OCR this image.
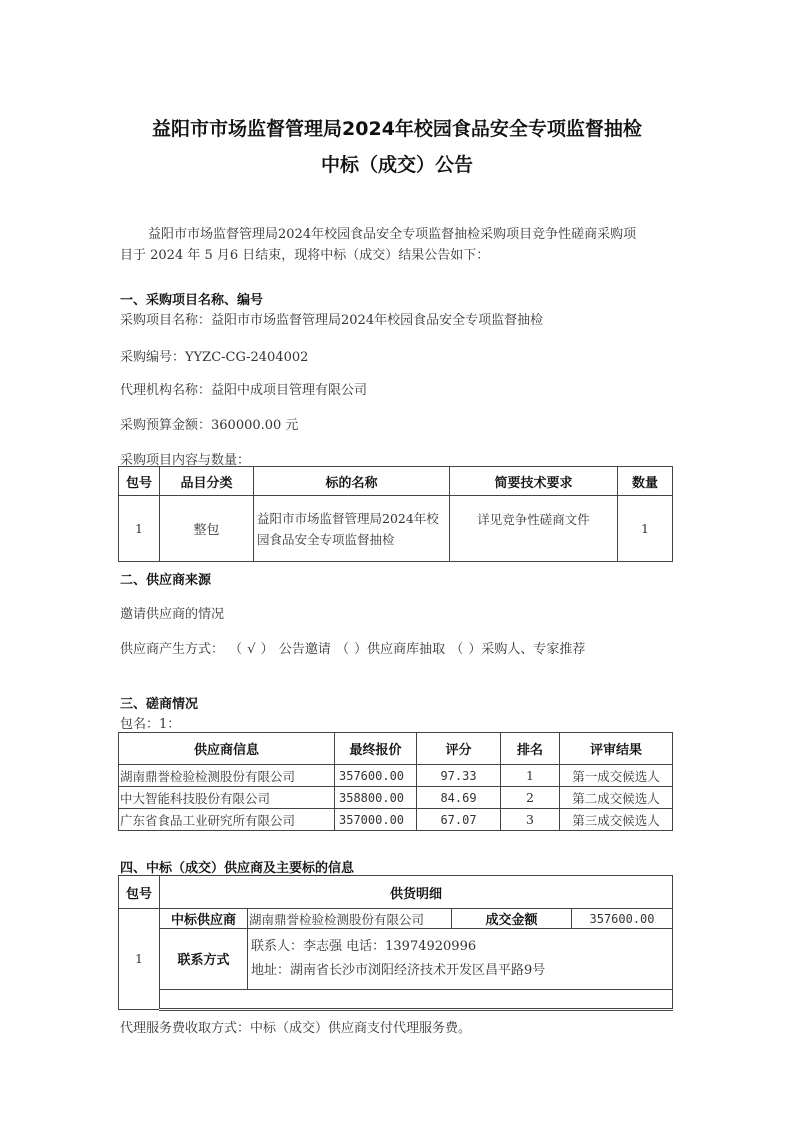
益阳市市场监督管理局2024年校园食品安全专项监督抽检

中标（成交）公告

益阳市市场监督管理局2024年校园食品安全专项监督抽检采购项目竞争性磋商采购项

目于 2024 年 5 月6 日结束，现将中标（成交）结果公告如下：

一、采购项目名称、编号

采购项目名称：益阳市市场监督管理局2024年校园食品安全专项监督抽检

采购编号：YYZC-CG-2404002

代理机构名称：益阳中成项目管理有限公司

采购预算金额：360000.00 元

采购项目内容与数量：

包号	品目分类	标的名称	简要技术要求	数量
1	整包	益阳市市场监督管理局2024年校园食品安全专项监督抽检	详见竞争性磋商文件	1

二、供应商来源

邀请供应商的情况

供应商产生方式： （ √ ） 公告邀请 （ ）供应商库抽取 （ ）采购人、专家推荐

三、磋商情况

包名：1：

供应商信息	最终报价	评分	排名	评审结果
湖南鼎誉检验检测股份有限公司	357600.00	97.33	1	第一成交候选人
中大智能科技股份有限公司	358800.00	84.69	2	第二成交候选人
广东省食品工业研究所有限公司	357000.00	67.07	3	第三成交候选人

四、中标（成交）供应商及主要标的信息

包号	供货明细			
1	中标供应商	湖南鼎誉检验检测股份有限公司	成交金额	357600.00
	联系方式	联系人：李志强 电话：13974920996
地址：湖南省长沙市浏阳经济技术开发区昌平路9号		

代理服务费收取方式：中标（成交）供应商支付代理服务费。
